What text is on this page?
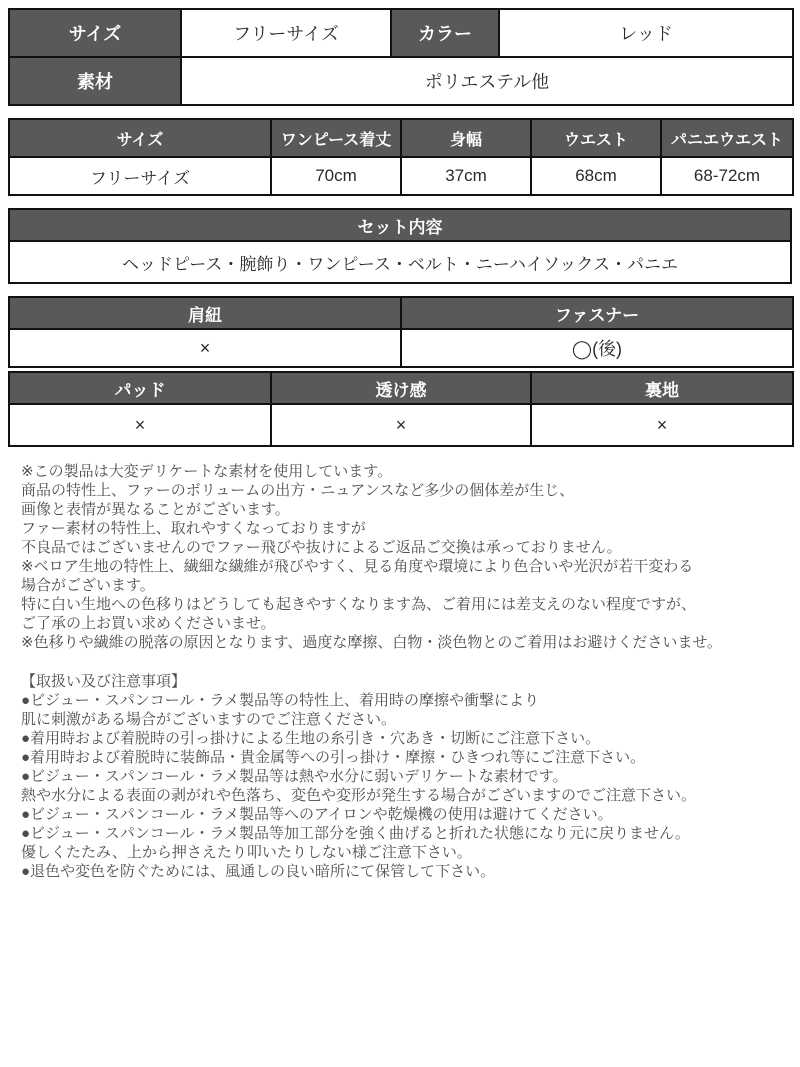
サイズ	フリーサイズ	カラー	レッド
素材	ポリエステル他		
サイズ	ワンピース着丈	身幅	ウエスト	パニエウエスト
フリーサイズ	70cm	37cm	68cm	68-72cm
セット内容
ヘッドピース・腕飾り・ワンピース・ベルト・ニーハイソックス・パニエ
肩紐	ファスナー
×	◯(後)
パッド	透け感	裏地
×	×	×
※この製品は大変デリケートな素材を使用しています。
商品の特性上、ファーのボリュームの出方・ニュアンスなど多少の個体差が生じ、
画像と表情が異なることがございます。
ファー素材の特性上、取れやすくなっておりますが
不良品ではございませんのでファー飛びや抜けによるご返品ご交換は承っておりません。
※ベロア生地の特性上、繊細な繊維が飛びやすく、見る角度や環境により色合いや光沢が若干変わる
場合がございます。
特に白い生地への色移りはどうしても起きやすくなります為、ご着用には差支えのない程度ですが、
ご了承の上お買い求めくださいませ。
※色移りや繊維の脱落の原因となります、過度な摩擦、白物・淡色物とのご着用はお避けくださいませ。
【取扱い及び注意事項】
●ビジュー・スパンコール・ラメ製品等の特性上、着用時の摩擦や衝撃により
肌に刺激がある場合がございますのでご注意ください。
●着用時および着脱時の引っ掛けによる生地の糸引き・穴あき・切断にご注意下さい。
●着用時および着脱時に装飾品・貴金属等への引っ掛け・摩擦・ひきつれ等にご注意下さい。
●ビジュー・スパンコール・ラメ製品等は熱や水分に弱いデリケートな素材です。
熱や水分による表面の剥がれや色落ち、変色や変形が発生する場合がございますのでご注意下さい。
●ビジュー・スパンコール・ラメ製品等へのアイロンや乾燥機の使用は避けてください。
●ビジュー・スパンコール・ラメ製品等加工部分を強く曲げると折れた状態になり元に戻りません。
優しくたたみ、上から押さえたり叩いたりしない様ご注意下さい。
●退色や変色を防ぐためには、風通しの良い暗所にて保管して下さい。
